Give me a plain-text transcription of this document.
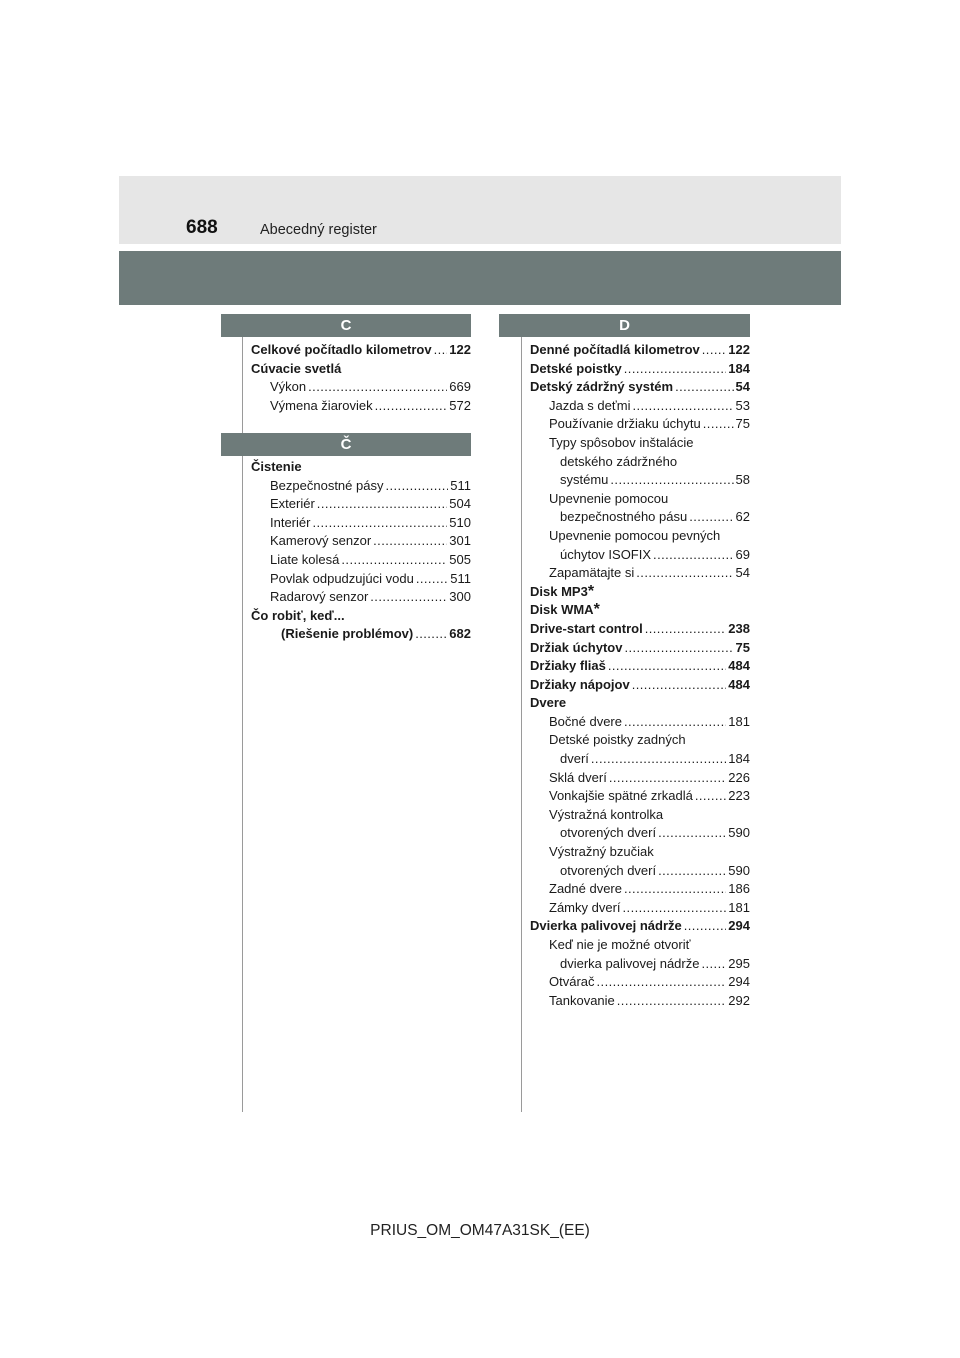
688	Abecedný register
C
Celkové počítadlo kilometrov . . . 122
Cúvacie svetlá
Výkon . . .	669
Výmena žiaroviek . . .	572
Č
Čistenie
Bezpečnostné pásy . . .	511
Exteriér . . .	504
Interiér . . .	510
Kamerový senzor . . .	301
Liate kolesá . . .	505
Povlak odpudzujúci vodu . . .	511
Radarový senzor . . .	300
Čo robiť, keď...
(Riešenie problémov) . . .	682
D
Denné počítadlá kilometrov . . . 122
Detské poistky . . .	184
Detský zádržný systém . . .	54
Jazda s deťmi . . .	53
Používanie držiaku úchytu . . .	75
Typy spôsobov inštalácie
detského zádržného
systému . . .	58
Upevnenie pomocou
bezpečnostného pásu . . .	62
Upevnenie pomocou pevných
úchytov ISOFIX . . .	69
Zapamätajte si . . .	54
Disk MP3 *
Disk WMA *
Drive-start control . . .	238
Držiak úchytov . . .	75
Držiaky fliaš . . .	484
Držiaky nápojov . . .	484
Dvere
Bočné dvere . . .	181
Detské poistky zadných
dverí . . .	184
Sklá dverí . . .	226
Vonkajšie spätné zrkadlá . . .	223
Výstražná kontrolka
otvorených dverí . . .	590
Výstražný bzučiak
otvorených dverí . . .	590
Zadné dvere . . .	186
Zámky dverí . . .	181
Dvierka palivovej nádrže . . .	294
Keď nie je možné otvoriť
dvierka palivovej nádrže . . . 295
Otvárač . . .	294
Tankovanie . . .	292
PRIUS_OM_OM47A31SK_(EE)
